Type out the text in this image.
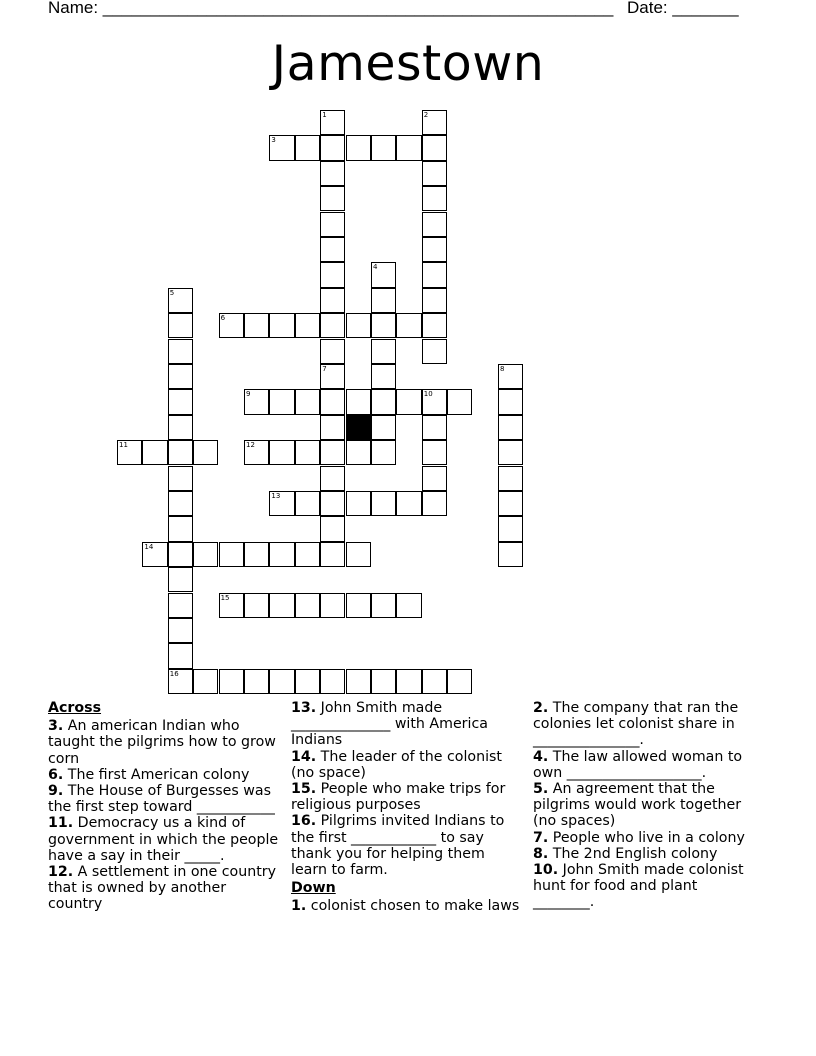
Name: ______________________________________________________ Date: _______
Jamestown
1
7
2
3
4
5
16
6
8
9	10
11	12
13
14
15
Across
3. An american Indian who taught the pilgrims how to grow corn
6. The first American colony
9. The House of Burgesses was the first step toward ___________
11. Democracy us a kind of government in which the people have a say in their _____.
12. A settlement in one country that is owned by another country
13. John Smith made ______________ with America Indians
14. The leader of the colonist (no space)
15. People who make trips for religious purposes
16. Pilgrims invited Indians to the first ____________ to say thank you for helping them learn to farm.
Down
1. colonist chosen to make laws
2. The company that ran the colonies let colonist share in _______________.
4. The law allowed woman to own ___________________.
5. An agreement that the pilgrims would work together (no spaces)
7. People who live in a colony
8. The 2nd English colony
10. John Smith made colonist hunt for food and plant ________.
